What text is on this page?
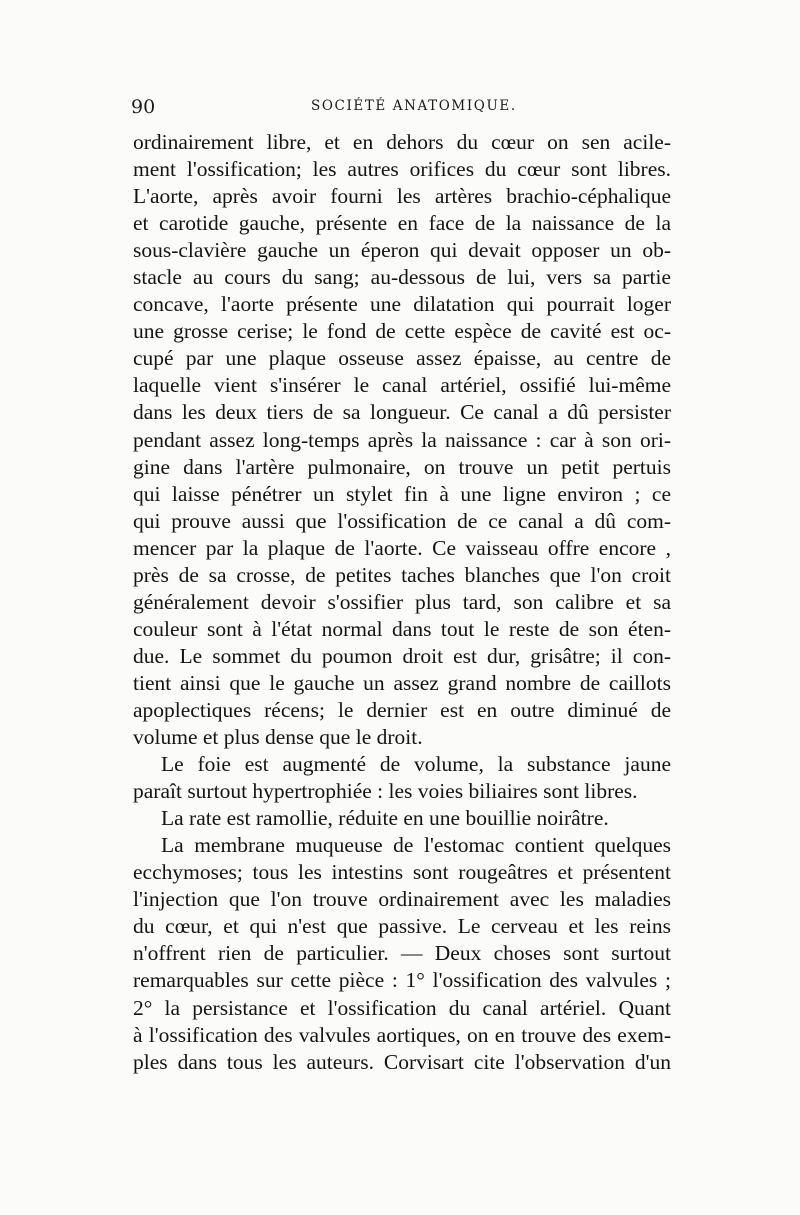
90	SOCIÉTÉ ANATOMIQUE.
ordinairement libre, et en dehors du cœur on sen acile-
ment l'ossification; les autres orifices du cœur sont libres.
L'aorte, après avoir fourni les artères brachio-céphalique
et carotide gauche, présente en face de la naissance de la
sous-clavière gauche un éperon qui devait opposer un ob-
stacle au cours du sang; au-dessous de lui, vers sa partie
concave, l'aorte présente une dilatation qui pourrait loger
une grosse cerise; le fond de cette espèce de cavité est oc-
cupé par une plaque osseuse assez épaisse, au centre de
laquelle vient s'insérer le canal artériel, ossifié lui-même
dans les deux tiers de sa longueur. Ce canal a dû persister
pendant assez long-temps après la naissance : car à son ori-
gine dans l'artère pulmonaire, on trouve un petit pertuis
qui laisse pénétrer un stylet fin à une ligne environ ; ce
qui prouve aussi que l'ossification de ce canal a dû com-
mencer par la plaque de l'aorte. Ce vaisseau offre encore ,
près de sa crosse, de petites taches blanches que l'on croit
généralement devoir s'ossifier plus tard, son calibre et sa
couleur sont à l'état normal dans tout le reste de son éten-
due. Le sommet du poumon droit est dur, grisâtre; il con-
tient ainsi que le gauche un assez grand nombre de caillots
apoplectiques récens; le dernier est en outre diminué de
volume et plus dense que le droit.
Le foie est augmenté de volume, la substance jaune
paraît surtout hypertrophiée : les voies biliaires sont libres.
La rate est ramollie, réduite en une bouillie noirâtre.
La membrane muqueuse de l'estomac contient quelques
ecchymoses; tous les intestins sont rougeâtres et présentent
l'injection que l'on trouve ordinairement avec les maladies
du cœur, et qui n'est que passive. Le cerveau et les reins
n'offrent rien de particulier. — Deux choses sont surtout
remarquables sur cette pièce : 1° l'ossification des valvules ;
2° la persistance et l'ossification du canal artériel. Quant
à l'ossification des valvules aortiques, on en trouve des exem-
ples dans tous les auteurs. Corvisart cite l'observation d'un
